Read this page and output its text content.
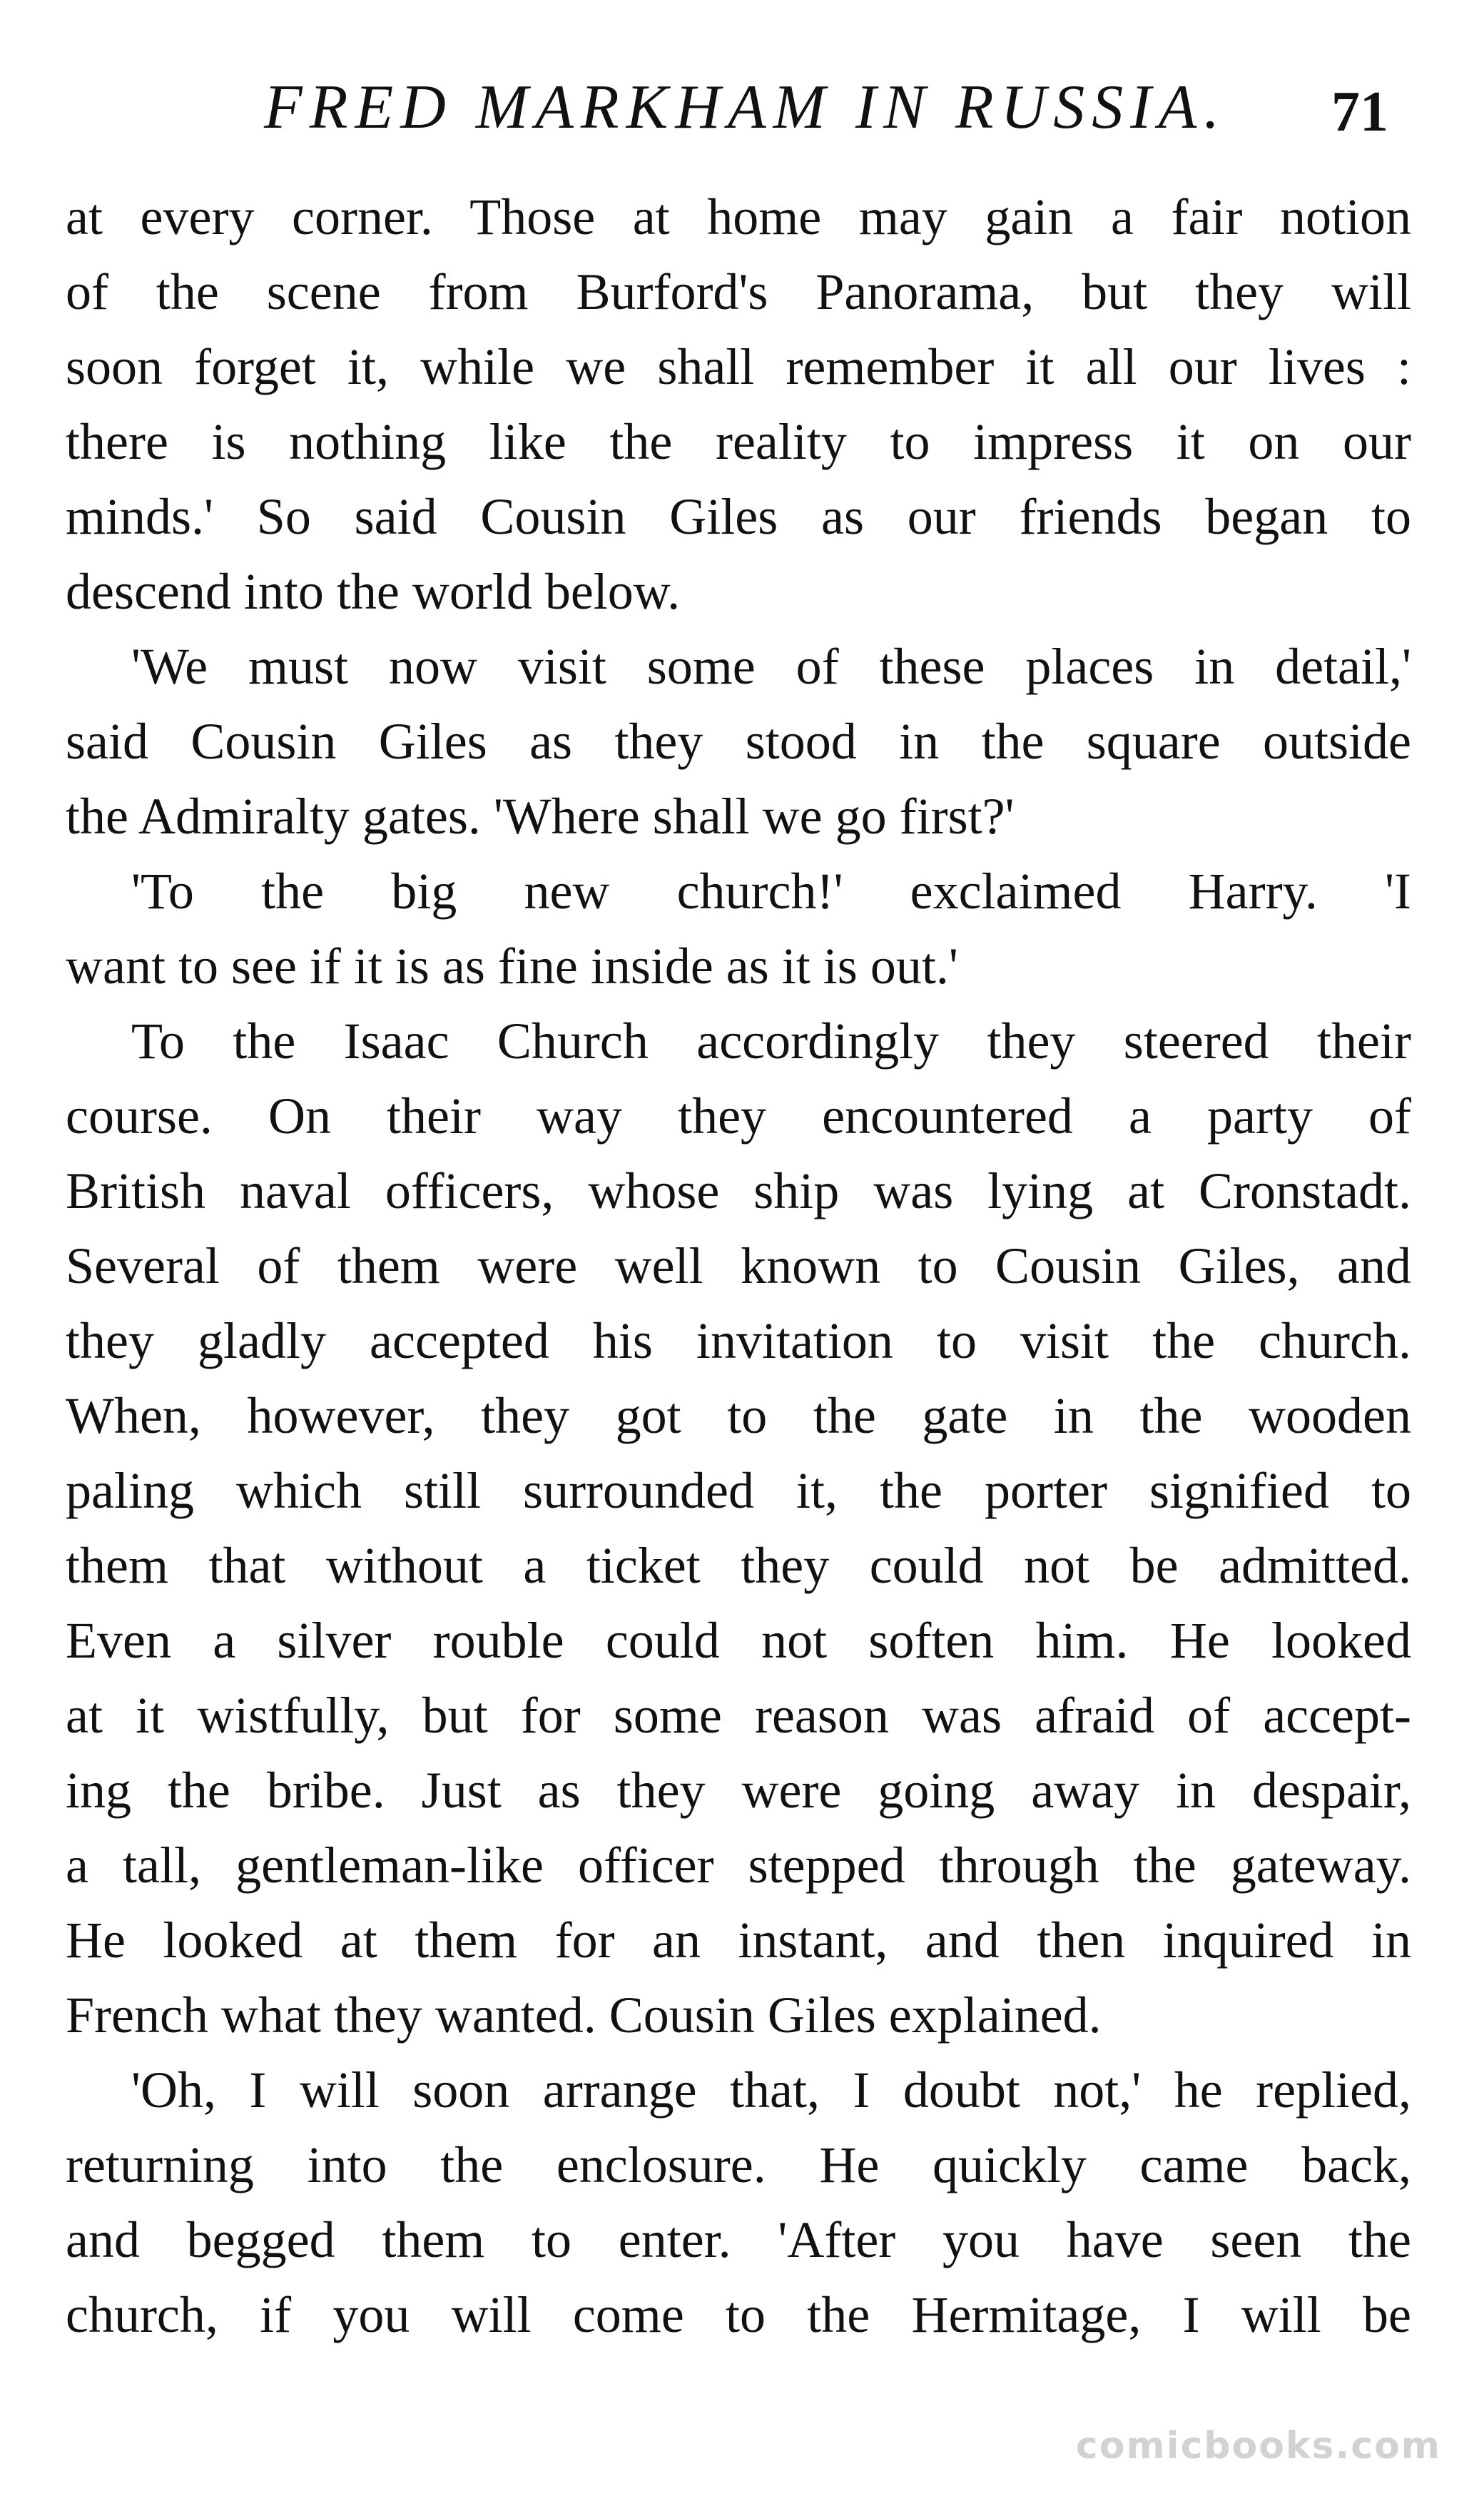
FRED MARKHAM IN RUSSIA. 71
at every corner. Those at home may gain a fair notion
of the scene from Burford's Panorama, but they will
soon forget it, while we shall remember it all our lives :
there is nothing like the reality to impress it on our
minds.' So said Cousin Giles as our friends began to
descend into the world below.
'We must now visit some of these places in detail,'
said Cousin Giles as they stood in the square outside
the Admiralty gates. 'Where shall we go first?'
'To the big new church!' exclaimed Harry. 'I
want to see if it is as fine inside as it is out.'
To the Isaac Church accordingly they steered their
course. On their way they encountered a party of
British naval officers, whose ship was lying at Cronstadt.
Several of them were well known to Cousin Giles, and
they gladly accepted his invitation to visit the church.
When, however, they got to the gate in the wooden
paling which still surrounded it, the porter signified to
them that without a ticket they could not be admitted.
Even a silver rouble could not soften him. He looked
at it wistfully, but for some reason was afraid of accept-
ing the bribe. Just as they were going away in despair,
a tall, gentleman-like officer stepped through the gateway.
He looked at them for an instant, and then inquired in
French what they wanted. Cousin Giles explained.
'Oh, I will soon arrange that, I doubt not,' he replied,
returning into the enclosure. He quickly came back,
and begged them to enter. 'After you have seen the
church, if you will come to the Hermitage, I will be
comicbooks.com
